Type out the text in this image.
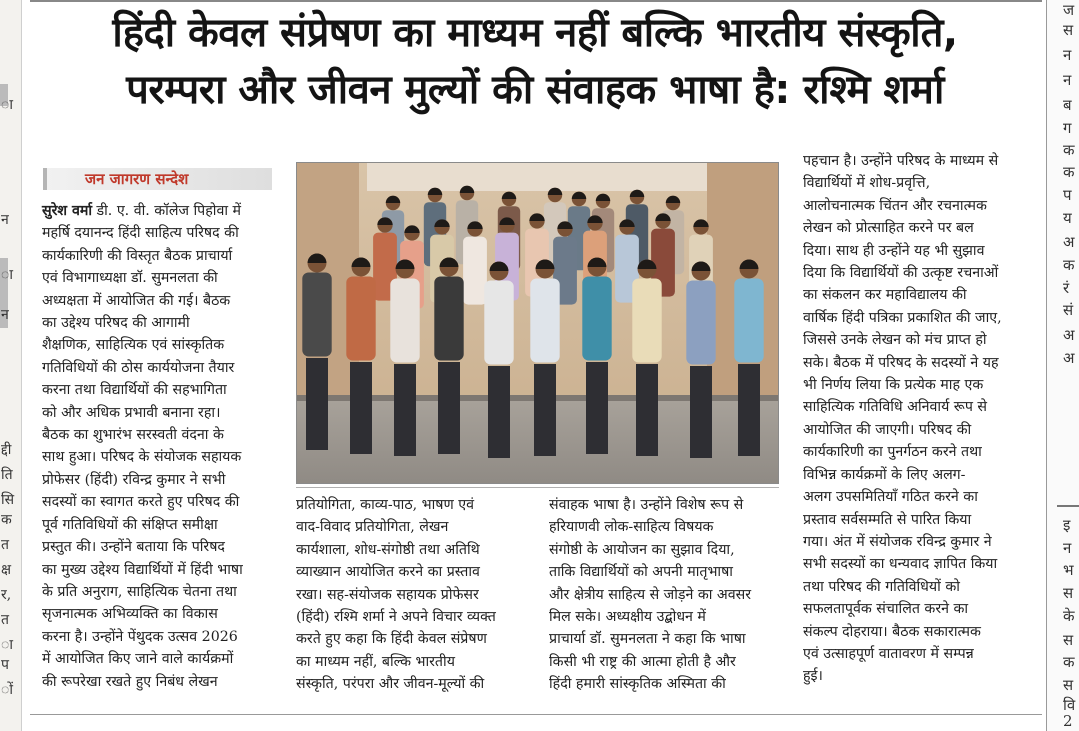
ा
न
ा
न
द्दी
ति
सि
क
त
क्ष
र,
त
ा
प
ों
ज
स
न
न
ब
ग
क
क
प
य
अ
क
रं
सं
अ
अ
इ
न
भ
स
के
स
क
स
वि
2
हिंदी केवल संप्रेषण का माध्यम नहीं बल्कि भारतीय संस्कृति,
परम्परा और जीवन मुल्यों की संवाहक भाषा है: रश्मि शर्मा
जन जागरण सन्देश
सुरेश वर्मा डी. ए. वी. कॉलेज पिहोवा में
महर्षि दयानन्द हिंदी साहित्य परिषद की
कार्यकारिणी की विस्तृत बैठक प्राचार्या
एवं विभागाध्यक्षा डॉ. सुमनलता की
अध्यक्षता में आयोजित की गई। बैठक
का उद्देश्य परिषद की आगामी
शैक्षणिक, साहित्यिक एवं सांस्कृतिक
गतिविधियों की ठोस कार्ययोजना तैयार
करना तथा विद्यार्थियों की सहभागिता
को और अधिक प्रभावी बनाना रहा।
बैठक का शुभारंभ सरस्वती वंदना के
साथ हुआ। परिषद के संयोजक सहायक
प्रोफेसर (हिंदी) रविन्द्र कुमार ने सभी
सदस्यों का स्वागत करते हुए परिषद की
पूर्व गतिविधियों की संक्षिप्त समीक्षा
प्रस्तुत की। उन्होंने बताया कि परिषद
का मुख्य उद्देश्य विद्यार्थियों में हिंदी भाषा
के प्रति अनुराग, साहित्यिक चेतना तथा
सृजनात्मक अभिव्यक्ति का विकास
करना है। उन्होंने पेंथुदक उत्सव 2026
में आयोजित किए जाने वाले कार्यक्रमों
की रूपरेखा रखते हुए निबंध लेखन
प्रतियोगिता, काव्य-पाठ, भाषण एवं
वाद-विवाद प्रतियोगिता, लेखन
कार्यशाला, शोध-संगोष्ठी तथा अतिथि
व्याख्यान आयोजित करने का प्रस्ताव
रखा। सह-संयोजक सहायक प्रोफेसर
(हिंदी) रश्मि शर्मा ने अपने विचार व्यक्त
करते हुए कहा कि हिंदी केवल संप्रेषण
का माध्यम नहीं, बल्कि भारतीय
संस्कृति, परंपरा और जीवन-मूल्यों की
संवाहक भाषा है। उन्होंने विशेष रूप से
हरियाणवी लोक-साहित्य विषयक
संगोष्ठी के आयोजन का सुझाव दिया,
ताकि विद्यार्थियों को अपनी मातृभाषा
और क्षेत्रीय साहित्य से जोड़ने का अवसर
मिल सके। अध्यक्षीय उद्बोधन में
प्राचार्या डॉ. सुमनलता ने कहा कि भाषा
किसी भी राष्ट्र की आत्मा होती है और
हिंदी हमारी सांस्कृतिक अस्मिता की
पहचान है। उन्होंने परिषद के माध्यम से
विद्यार्थियों में शोध-प्रवृत्ति,
आलोचनात्मक चिंतन और रचनात्मक
लेखन को प्रोत्साहित करने पर बल
दिया। साथ ही उन्होंने यह भी सुझाव
दिया कि विद्यार्थियों की उत्कृष्ट रचनाओं
का संकलन कर महाविद्यालय की
वार्षिक हिंदी पत्रिका प्रकाशित की जाए,
जिससे उनके लेखन को मंच प्राप्त हो
सके। बैठक में परिषद के सदस्यों ने यह
भी निर्णय लिया कि प्रत्येक माह एक
साहित्यिक गतिविधि अनिवार्य रूप से
आयोजित की जाएगी। परिषद की
कार्यकारिणी का पुनर्गठन करने तथा
विभिन्न कार्यक्रमों के लिए अलग-
अलग उपसमितियाँ गठित करने का
प्रस्ताव सर्वसम्मति से पारित किया
गया। अंत में संयोजक रविन्द्र कुमार ने
सभी सदस्यों का धन्यवाद ज्ञापित किया
तथा परिषद की गतिविधियों को
सफलतापूर्वक संचालित करने का
संकल्प दोहराया। बैठक सकारात्मक
एवं उत्साहपूर्ण वातावरण में सम्पन्न
हुई।
